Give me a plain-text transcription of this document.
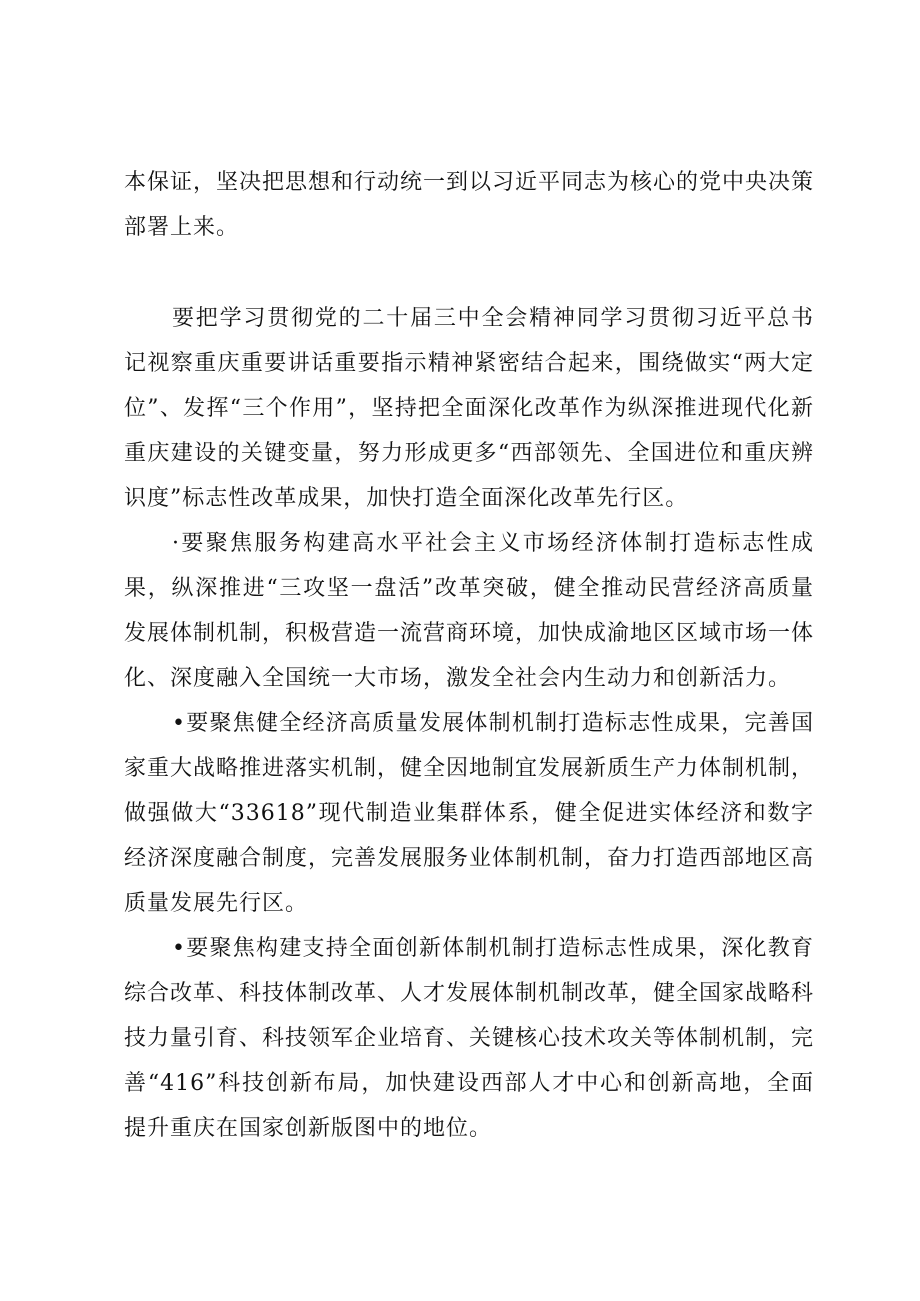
本保证，坚决把思想和行动统一到以习近平同志为核心的党中央决策部署上来。

要把学习贯彻党的二十届三中全会精神同学习贯彻习近平总书记视察重庆重要讲话重要指示精神紧密结合起来，围绕做实“两大定位”、发挥“三个作用”，坚持把全面深化改革作为纵深推进现代化新重庆建设的关键变量，努力形成更多“西部领先、全国进位和重庆辨识度”标志性改革成果，加快打造全面深化改革先行区。

·要聚焦服务构建高水平社会主义市场经济体制打造标志性成果，纵深推进“三攻坚一盘活”改革突破，健全推动民营经济高质量发展体制机制，积极营造一流营商环境，加快成渝地区区域市场一体化、深度融入全国统一大市场，激发全社会内生动力和创新活力。

•要聚焦健全经济高质量发展体制机制打造标志性成果，完善国家重大战略推进落实机制，健全因地制宜发展新质生产力体制机制，做强做大“33618”现代制造业集群体系，健全促进实体经济和数字经济深度融合制度，完善发展服务业体制机制，奋力打造西部地区高质量发展先行区。

•要聚焦构建支持全面创新体制机制打造标志性成果，深化教育综合改革、科技体制改革、人才发展体制机制改革，健全国家战略科技力量引育、科技领军企业培育、关键核心技术攻关等体制机制，完善“416”科技创新布局，加快建设西部人才中心和创新高地，全面提升重庆在国家创新版图中的地位。
